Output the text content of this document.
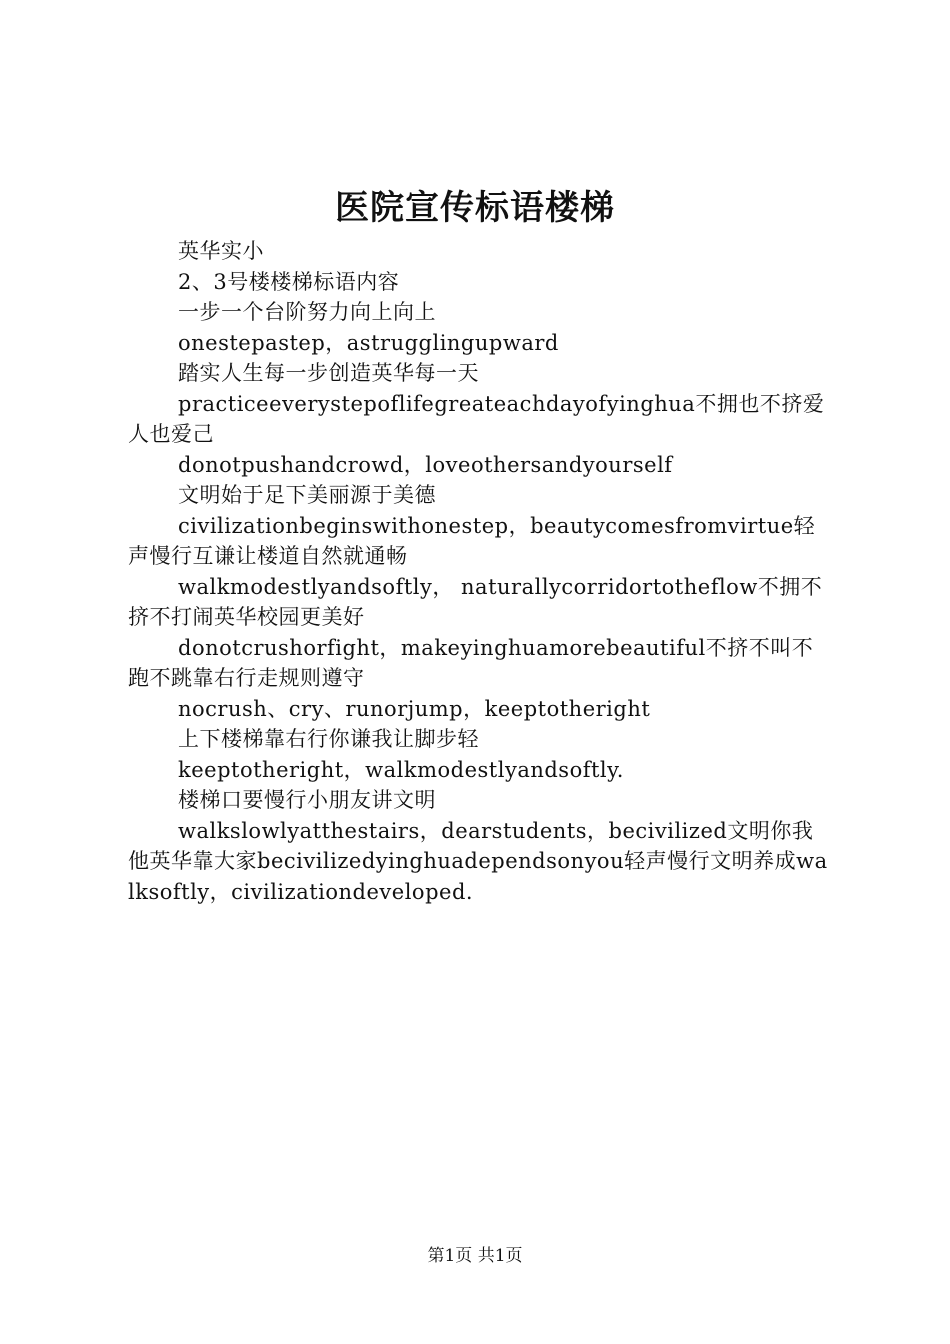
医院宣传标语楼梯

英华实小

2、3号楼楼梯标语内容

一步一个台阶努力向上向上

onestepastep，astrugglingupward

踏实人生每一步创造英华每一天

practiceeverystepoflifegreateachdayofyinghua不拥也不挤爱人也爱己

donotpushandcrowd，loveothersandyourself

文明始于足下美丽源于美德

civilizationbeginswithonestep，beautycomesfromvirtue轻声慢行互谦让楼道自然就通畅

walkmodestlyandsoftly， naturallycorridortotheflow不拥不挤不打闹英华校园更美好

donotcrushorfight，makeyinghuamorebeautiful不挤不叫不跑不跳靠右行走规则遵守

nocrush、cry、runorjump，keeptotheright

上下楼梯靠右行你谦我让脚步轻

keeptotheright，walkmodestlyandsoftly.

楼梯口要慢行小朋友讲文明

walkslowlyatthestairs，dearstudents，becivilized文明你我他英华靠大家becivilizedyinghuadependsonyou轻声慢行文明养成walksoftly，civilizationdeveloped.

第1页 共1页
